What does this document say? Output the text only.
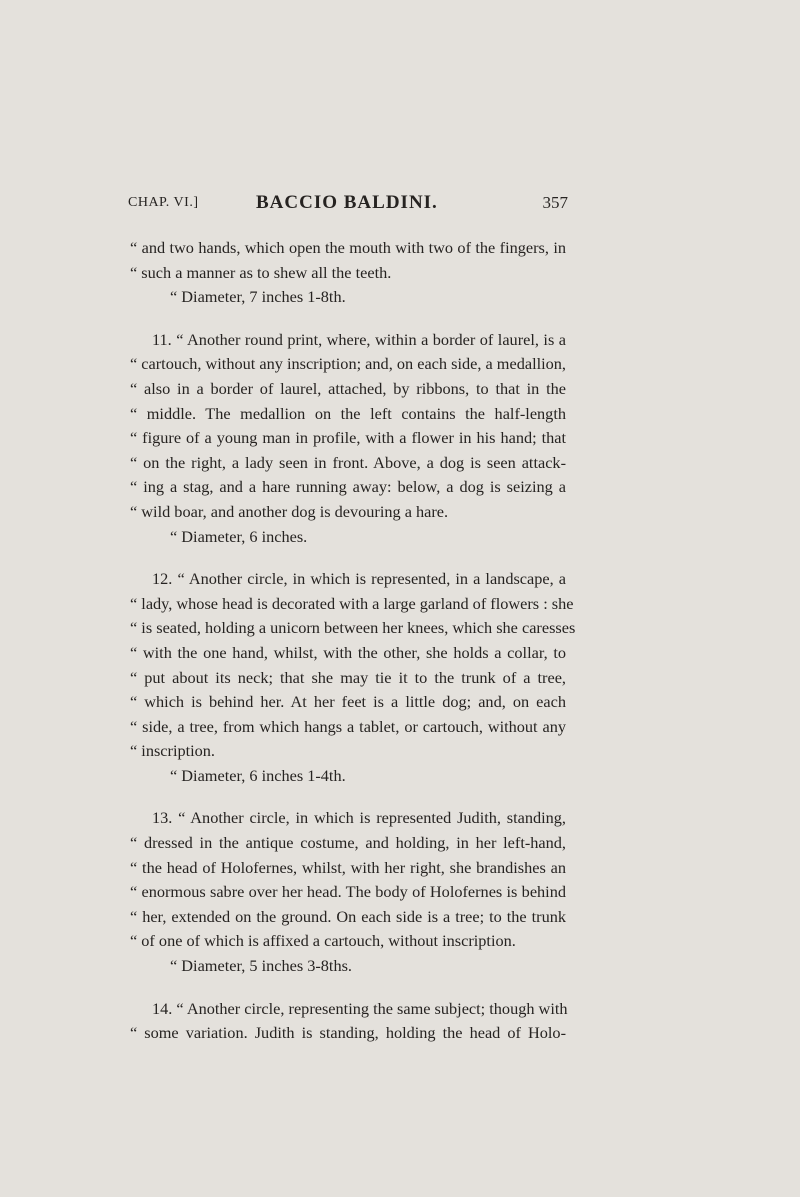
CHAP. VI.]	BACCIO BALDINI.	357
“ and two hands, which open the mouth with two of the fingers, in
“ such a manner as to shew all the teeth.
“ Diameter, 7 inches 1-8th.
11. “ Another round print, where, within a border of laurel, is a
“ cartouch, without any inscription; and, on each side, a medallion,
“ also in a border of laurel, attached, by ribbons, to that in the
“ middle. The medallion on the left contains the half-length
“ figure of a young man in profile, with a flower in his hand; that
“ on the right, a lady seen in front. Above, a dog is seen attack-
“ ing a stag, and a hare running away: below, a dog is seizing a
“ wild boar, and another dog is devouring a hare.
“ Diameter, 6 inches.
12. “ Another circle, in which is represented, in a landscape, a
“ lady, whose head is decorated with a large garland of flowers : she
“ is seated, holding a unicorn between her knees, which she caresses
“ with the one hand, whilst, with the other, she holds a collar, to
“ put about its neck; that she may tie it to the trunk of a tree,
“ which is behind her. At her feet is a little dog; and, on each
“ side, a tree, from which hangs a tablet, or cartouch, without any
“ inscription.
“ Diameter, 6 inches 1-4th.
13. “ Another circle, in which is represented Judith, standing,
“ dressed in the antique costume, and holding, in her left-hand,
“ the head of Holofernes, whilst, with her right, she brandishes an
“ enormous sabre over her head. The body of Holofernes is behind
“ her, extended on the ground. On each side is a tree; to the trunk
“ of one of which is affixed a cartouch, without inscription.
“ Diameter, 5 inches 3-8ths.
14. “ Another circle, representing the same subject; though with
“ some variation. Judith is standing, holding the head of Holo-
